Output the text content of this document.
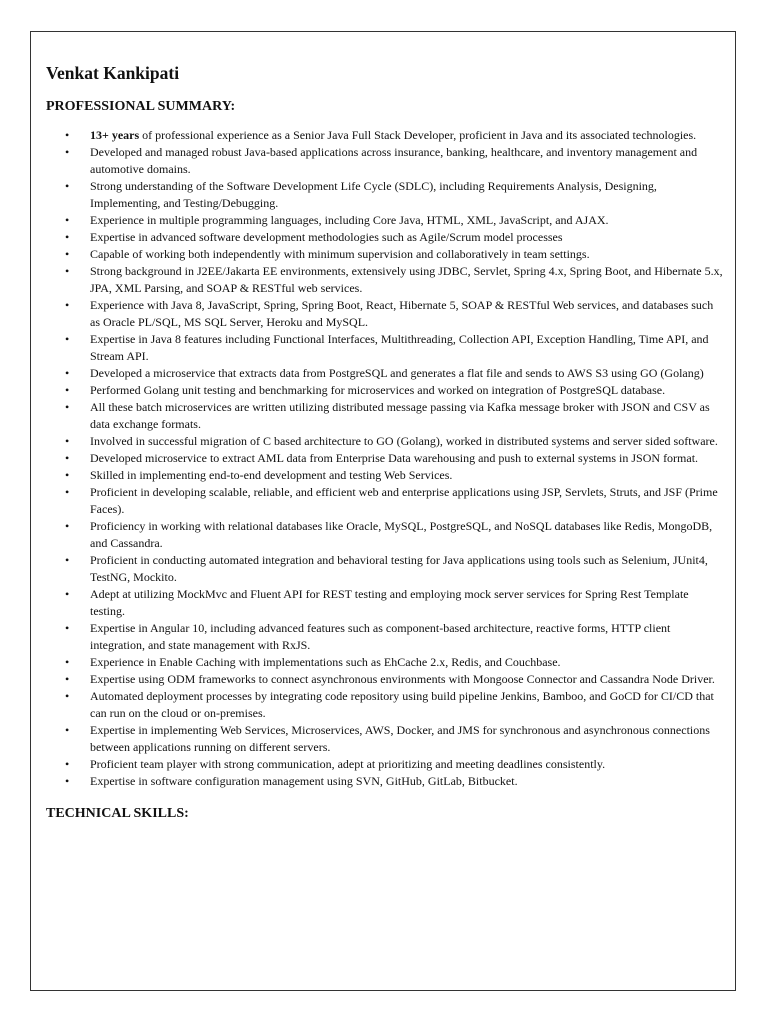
Venkat Kankipati
PROFESSIONAL SUMMARY:
• 13+ years of professional experience as a Senior Java Full Stack Developer, proficient in Java and its associated technologies.
• Developed and managed robust Java-based applications across insurance, banking, healthcare, and inventory management and automotive domains.
• Strong understanding of the Software Development Life Cycle (SDLC), including Requirements Analysis, Designing, Implementing, and Testing/Debugging.
• Experience in multiple programming languages, including Core Java, HTML, XML, JavaScript, and AJAX.
• Expertise in advanced software development methodologies such as Agile/Scrum model processes
• Capable of working both independently with minimum supervision and collaboratively in team settings.
• Strong background in J2EE/Jakarta EE environments, extensively using JDBC, Servlet, Spring 4.x, Spring Boot, and Hibernate 5.x, JPA, XML Parsing, and SOAP & RESTful web services.
• Experience with Java 8, JavaScript, Spring, Spring Boot, React, Hibernate 5, SOAP & RESTful Web services, and databases such as Oracle PL/SQL, MS SQL Server, Heroku and MySQL.
• Expertise in Java 8 features including Functional Interfaces, Multithreading, Collection API, Exception Handling, Time API, and Stream API.
• Developed a microservice that extracts data from PostgreSQL and generates a flat file and sends to AWS S3 using GO (Golang)
• Performed Golang unit testing and benchmarking for microservices and worked on integration of PostgreSQL database.
• All these batch microservices are written utilizing distributed message passing via Kafka message broker with JSON and CSV as data exchange formats.
• Involved in successful migration of C based architecture to GO (Golang), worked in distributed systems and server sided software.
• Developed microservice to extract AML data from Enterprise Data warehousing and push to external systems in JSON format.
• Skilled in implementing end-to-end development and testing Web Services.
• Proficient in developing scalable, reliable, and efficient web and enterprise applications using JSP, Servlets, Struts, and JSF (Prime Faces).
• Proficiency in working with relational databases like Oracle, MySQL, PostgreSQL, and NoSQL databases like Redis, MongoDB, and Cassandra.
• Proficient in conducting automated integration and behavioral testing for Java applications using tools such as Selenium, JUnit4, TestNG, Mockito.
• Adept at utilizing MockMvc and Fluent API for REST testing and employing mock server services for Spring Rest Template testing.
• Expertise in Angular 10, including advanced features such as component-based architecture, reactive forms, HTTP client integration, and state management with RxJS.
• Experience in Enable Caching with implementations such as EhCache 2.x, Redis, and Couchbase.
• Expertise using ODM frameworks to connect asynchronous environments with Mongoose Connector and Cassandra Node Driver.
• Automated deployment processes by integrating code repository using build pipeline Jenkins, Bamboo, and GoCD for CI/CD that can run on the cloud or on-premises.
• Expertise in implementing Web Services, Microservices, AWS, Docker, and JMS for synchronous and asynchronous connections between applications running on different servers.
• Proficient team player with strong communication, adept at prioritizing and meeting deadlines consistently.
• Expertise in software configuration management using SVN, GitHub, GitLab, Bitbucket.
TECHNICAL SKILLS:
